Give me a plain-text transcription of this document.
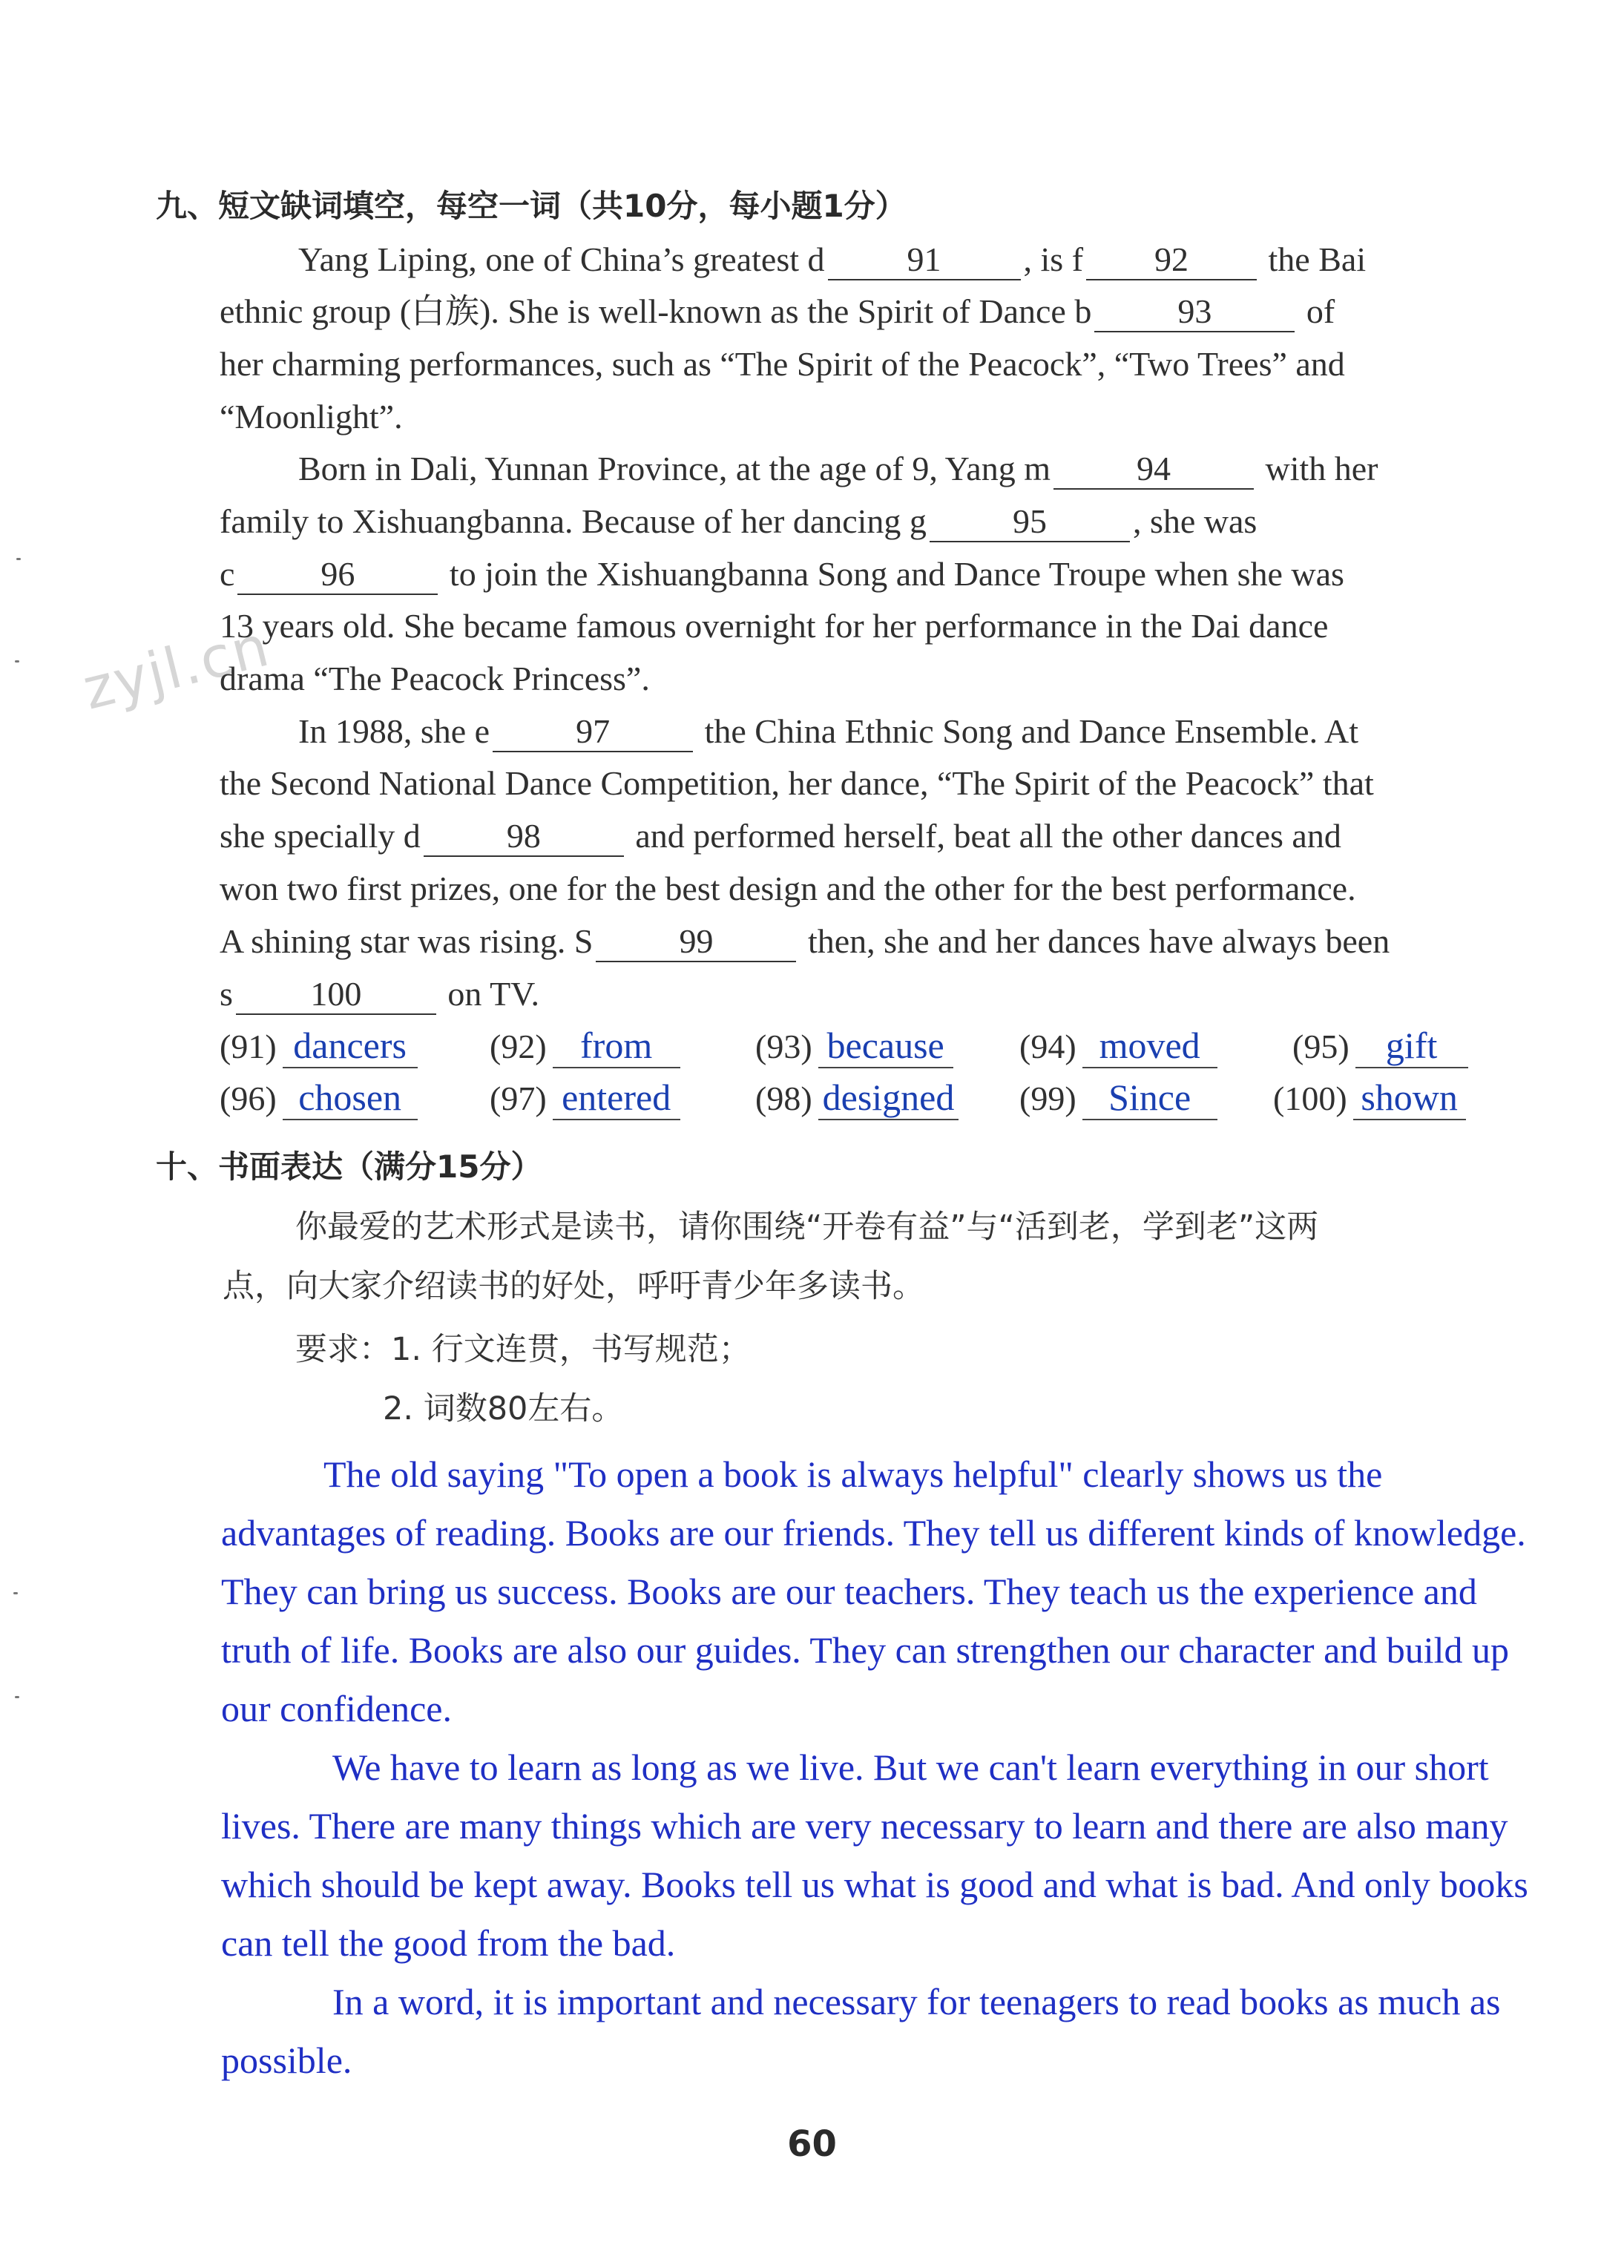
zyjl.cn
九、短文缺词填空，每空一词（共10分，每小题1分）
Yang Liping, one of China’s greatest d 91 , is f 92 the Bai
ethnic group (白族). She is well-known as the Spirit of Dance b	93	of
her charming performances, such as “The Spirit of the Peacock”, “Two Trees” and
“Moonlight”.
Born in Dali, Yunnan Province, at the age of 9, Yang m	94	with her
family to Xishuangbanna. Because of her dancing g	95	, she was
c	96	to join the Xishuangbanna Song and Dance Troupe when she was
13 years old. She became famous overnight for her performance in the Dai dance
drama “The Peacock Princess”.
In 1988, she e	97	the China Ethnic Song and Dance Ensemble. At
the Second National Dance Competition, her dance, “The Spirit of the Peacock” that
she specially d	98	and performed herself, beat all the other dances and
won two first prizes, one for the best design and the other for the best performance.
A shining star was rising. S	99	then, she and her dances have always been
s 100 on TV.
(91) dancers	(92) from	(93) because (94) moved	(95) gift
(96) chosen	(97) entered (98) designed (99) Since	(100) shown
十、书面表达（满分15分）
你最爱的艺术形式是读书，请你围绕“开卷有益”与“活到老，学到老”这两
点，向大家介绍读书的好处，呼吁青少年多读书。
要求：1. 行文连贯，书写规范；
2. 词数80左右。

The old saying "To open a book is always helpful" clearly shows us the advantages of reading. Books are our friends. They tell us different kinds of knowledge. They can bring us success. Books are our teachers. They teach us the experience and truth of life. Books are also our guides. They can strengthen our character and build up our confidence.

We have to learn as long as we live. But we can't learn everything in our short lives. There are many things which are very necessary to learn and there are also many which should be kept away. Books tell us what is good and what is bad. And only books can tell the good from the bad.

In a word, it is important and necessary for teenagers to read books as much as possible.

60
